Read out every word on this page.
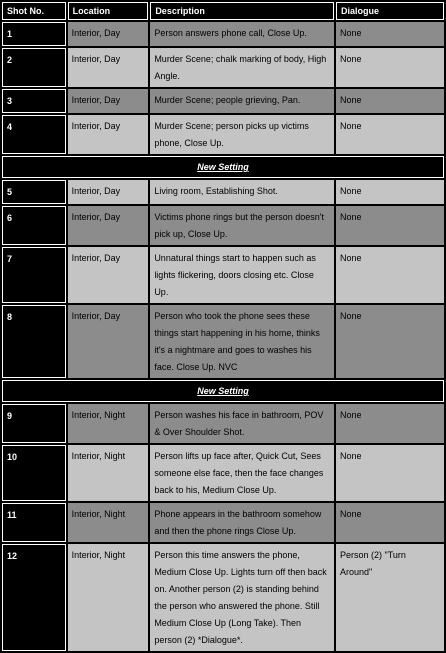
Shot No.	Location	Description	Dialogue
1	Interior, Day	Person answers phone call, Close Up.	None
2	Interior, Day	Murder Scene; chalk marking of body, High Angle.	None
3	Interior, Day	Murder Scene; people grieving, Pan.	None
4	Interior, Day	Murder Scene; person picks up victims phone, Close Up.	None
New Setting			
5	Interior, Day	Living room, Establishing Shot.	None
6	Interior, Day	Victims phone rings but the person doesn't pick up, Close Up.	None
7	Interior, Day	Unnatural things start to happen such as lights flickering, doors closing etc. Close Up.	None
8	Interior, Day	Person who took the phone sees these things start happening in his home, thinks it's a nightmare and goes to washes his face. Close Up. NVC	None
New Setting			
9	Interior, Night	Person washes his face in bathroom, POV & Over Shoulder Shot.	None
10	Interior, Night	Person lifts up face after, Quick Cut, Sees someone else face, then the face changes back to his, Medium Close Up.	None
11	Interior, Night	Phone appears in the bathroom somehow and then the phone rings Close Up.	None
12	Interior, Night	Person this time answers the phone, Medium Close Up. Lights turn off then back on. Another person (2) is standing behind the person who answered the phone. Still Medium Close Up (Long Take). Then person (2) *Dialogue*.	Person (2) "Turn Around"
